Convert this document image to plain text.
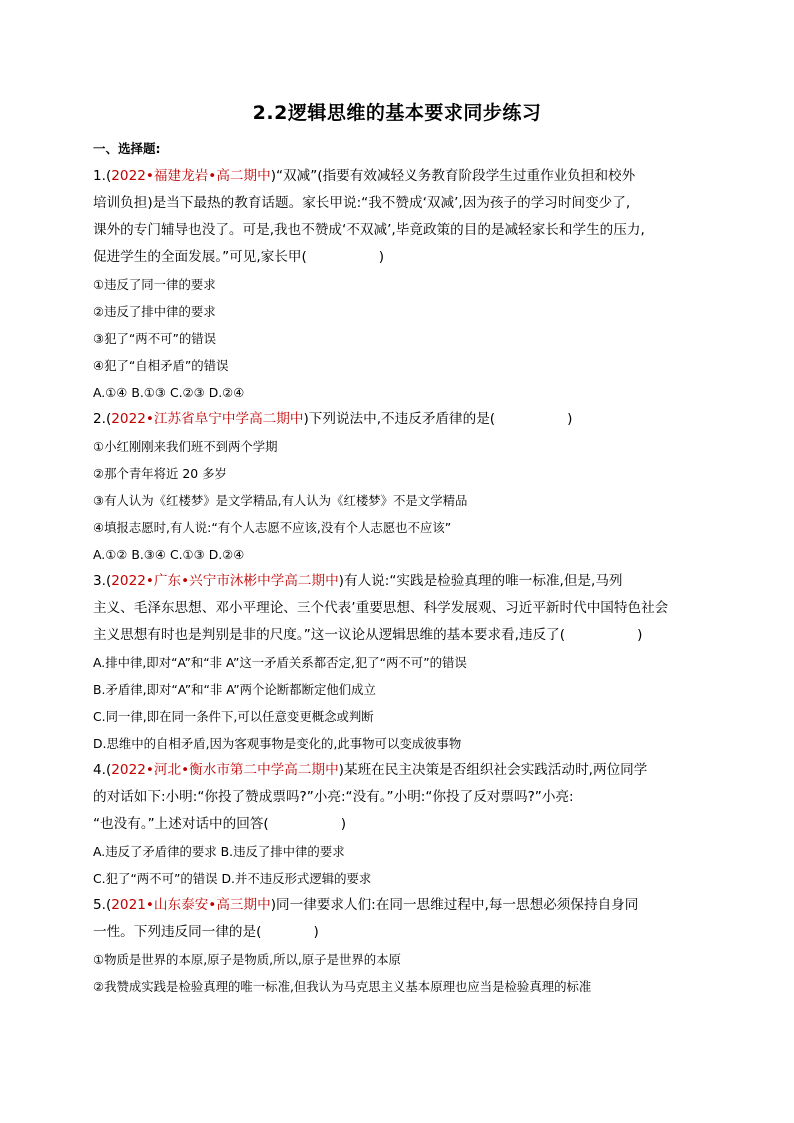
2.2逻辑思维的基本要求同步练习
一、选择题:
1.(2022•福建龙岩•高二期中)“双减”(指要有效减轻义务教育阶段学生过重作业负担和校外
培训负担)是当下最热的教育话题。家长甲说:“我不赞成‘双减’,因为孩子的学习时间变少了,
课外的专门辅导也没了。可是,我也不赞成‘不双减’,毕竟政策的目的是减轻家长和学生的压力,
促进学生的全面发展。”可见,家长甲(	)
①违反了同一律的要求
②违反了排中律的要求
③犯了“两不可”的错误
④犯了“自相矛盾”的错误
A.①④ B.①③ C.②③ D.②④
2.(2022•江苏省阜宁中学高二期中)下列说法中,不违反矛盾律的是(	)
①小红刚刚来我们班不到两个学期
②那个青年将近 20 多岁
③有人认为《红楼梦》是文学精品,有人认为《红楼梦》不是文学精品
④填报志愿时,有人说:“有个人志愿不应该,没有个人志愿也不应该”
A.①② B.③④ C.①③ D.②④
3.(2022•广东•兴宁市沐彬中学高二期中)有人说:“实践是检验真理的唯一标准,但是,马列
主义、毛泽东思想、邓小平理论、三个代表’重要思想、科学发展观、习近平新时代中国特色社会
主义思想有时也是判别是非的尺度。”这一议论从逻辑思维的基本要求看,违反了(	)
A.排中律,即对“A”和“非 A”这一矛盾关系都否定,犯了“两不可”的错误
B.矛盾律,即对“A”和“非 A”两个论断都断定他们成立
C.同一律,即在同一条件下,可以任意变更概念或判断
D.思维中的自相矛盾,因为客观事物是变化的,此事物可以变成彼事物
4.(2022•河北•衡水市第二中学高二期中)某班在民主决策是否组织社会实践活动时,两位同学
的对话如下:小明:“你投了赞成票吗?”小亮:“没有。”小明:“你投了反对票吗?”小亮:
“也没有。”上述对话中的回答(	)
A.违反了矛盾律的要求 B.违反了排中律的要求
C.犯了“两不可”的错误 D.并不违反形式逻辑的要求
5.(2021•山东泰安•高三期中)同一律要求人们:在同一思维过程中,每一思想必须保持自身同
一性。下列违反同一律的是(	)
①物质是世界的本原,原子是物质,所以,原子是世界的本原
②我赞成实践是检验真理的唯一标准,但我认为马克思主义基本原理也应当是检验真理的标准
